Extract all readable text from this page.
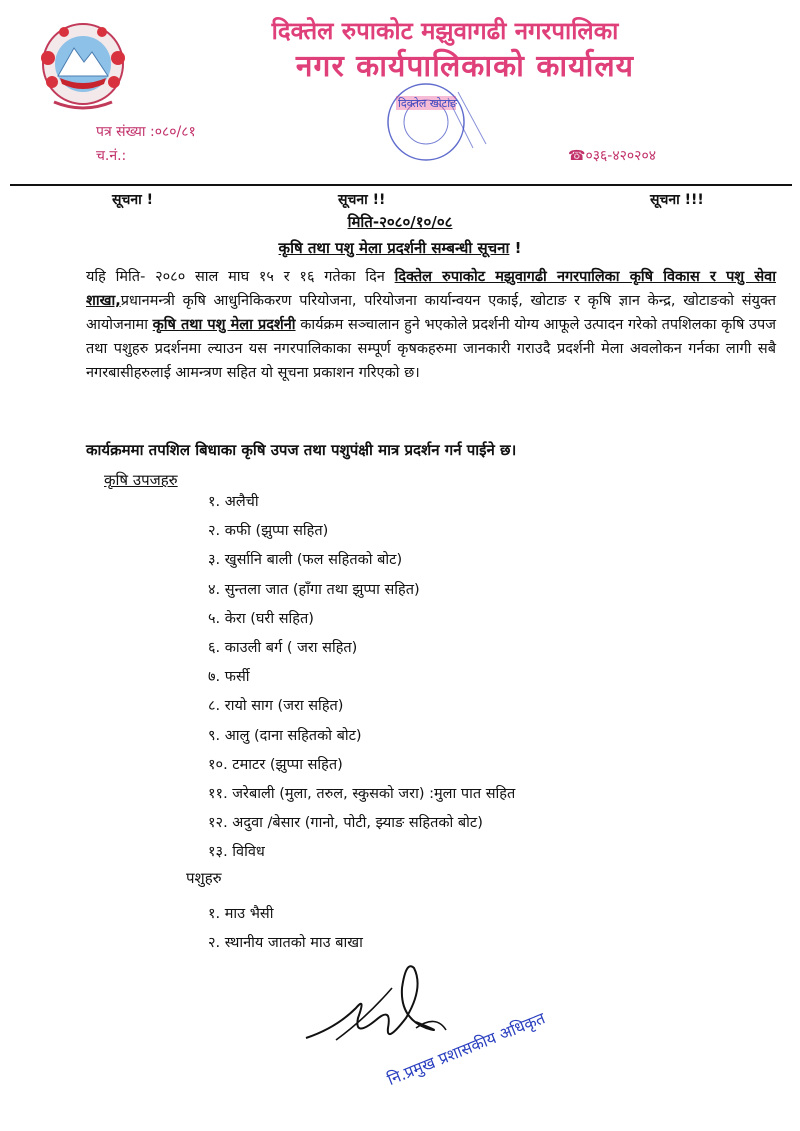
दिक्तेल रुपाकोट मझुवागढी नगरपालिका
नगर कार्यपालिकाको कार्यालय
दिक्तेल खोटाङ
पत्र संख्या :०८०/८१
च.नं.:	☎०३६-४२०२०४
सूचना !	सूचना !!	सूचना !!!
मिति-२०८०/१०/०८
कृषि तथा पशु मेला प्रदर्शनी सम्बन्धी सूचना !
यहि मिति- २०८० साल माघ १५ र १६ गतेका दिन दिक्तेल रुपाकोट मझुवागढी नगरपालिका कृषि विकास र पशु सेवा शाखा,प्रधानमन्त्री कृषि आधुनिकिकरण परियोजना, परियोजना कार्यान्वयन एकाई, खोटाङ र कृषि ज्ञान केन्द्र, खोटाङको संयुक्त आयोजनामा कृषि तथा पशु मेला प्रदर्शनी कार्यक्रम सञ्चालान हुने भएकोले प्रदर्शनी योग्य आफूले उत्पादन गरेको तपशिलका कृषि उपज तथा पशुहरु प्रदर्शनमा ल्याउन यस नगरपालिकाका सम्पूर्ण कृषकहरुमा जानकारी गराउदै प्रदर्शनी मेला अवलोकन गर्नका लागी सबै नगरबासीहरुलाई आमन्त्रण सहित यो सूचना प्रकाशन गरिएको छ।
कार्यक्रममा तपशिल बिधाका कृषि उपज तथा पशुपंक्षी मात्र प्रदर्शन गर्न पाईने छ।
कृषि उपजहरु
१. अलैची
२. कफी (झुप्पा सहित)
३. खुर्सानि बाली (फल सहितको बोट)
४. सुन्तला जात (हाँगा तथा झुप्पा सहित)
५. केरा (घरी सहित)
६. काउली बर्ग ( जरा सहित)
७. फर्सी
८. रायो साग (जरा सहित)
९. आलु (दाना सहितको बोट)
१०. टमाटर (झुप्पा सहित)
११. जरेबाली (मुला, तरुल, स्कुसको जरा) :मुला पात सहित
१२. अदुवा /बेसार (गानो, पोटी, झ्याङ सहितको बोट)
१३. विविध
पशुहरु
१. माउ भैसी
२. स्थानीय जातको माउ बाखा
नि.प्रमुख प्रशासकीय अधिकृत
